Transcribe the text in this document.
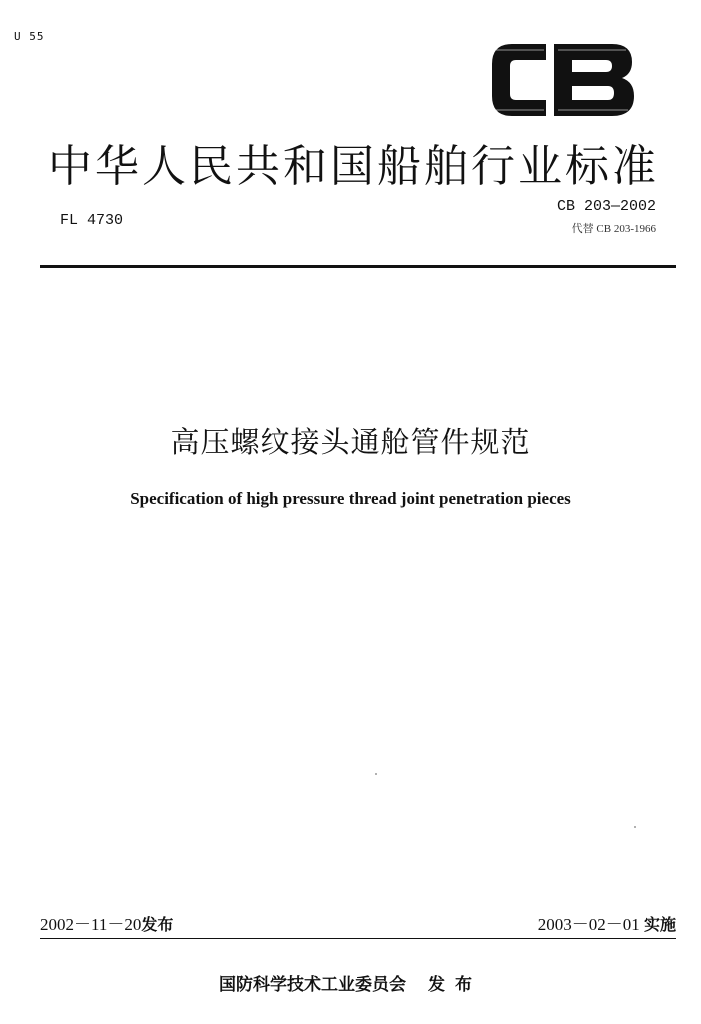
U 55
中华人民共和国船舶行业标准
FL 4730
CB 203—2002
代替 CB 203-1966
高压螺纹接头通舱管件规范
Specification of high pressure thread joint penetration pieces
2002－11－20发布	2003－02－01 实施
国防科学技术工业委员会 发布
